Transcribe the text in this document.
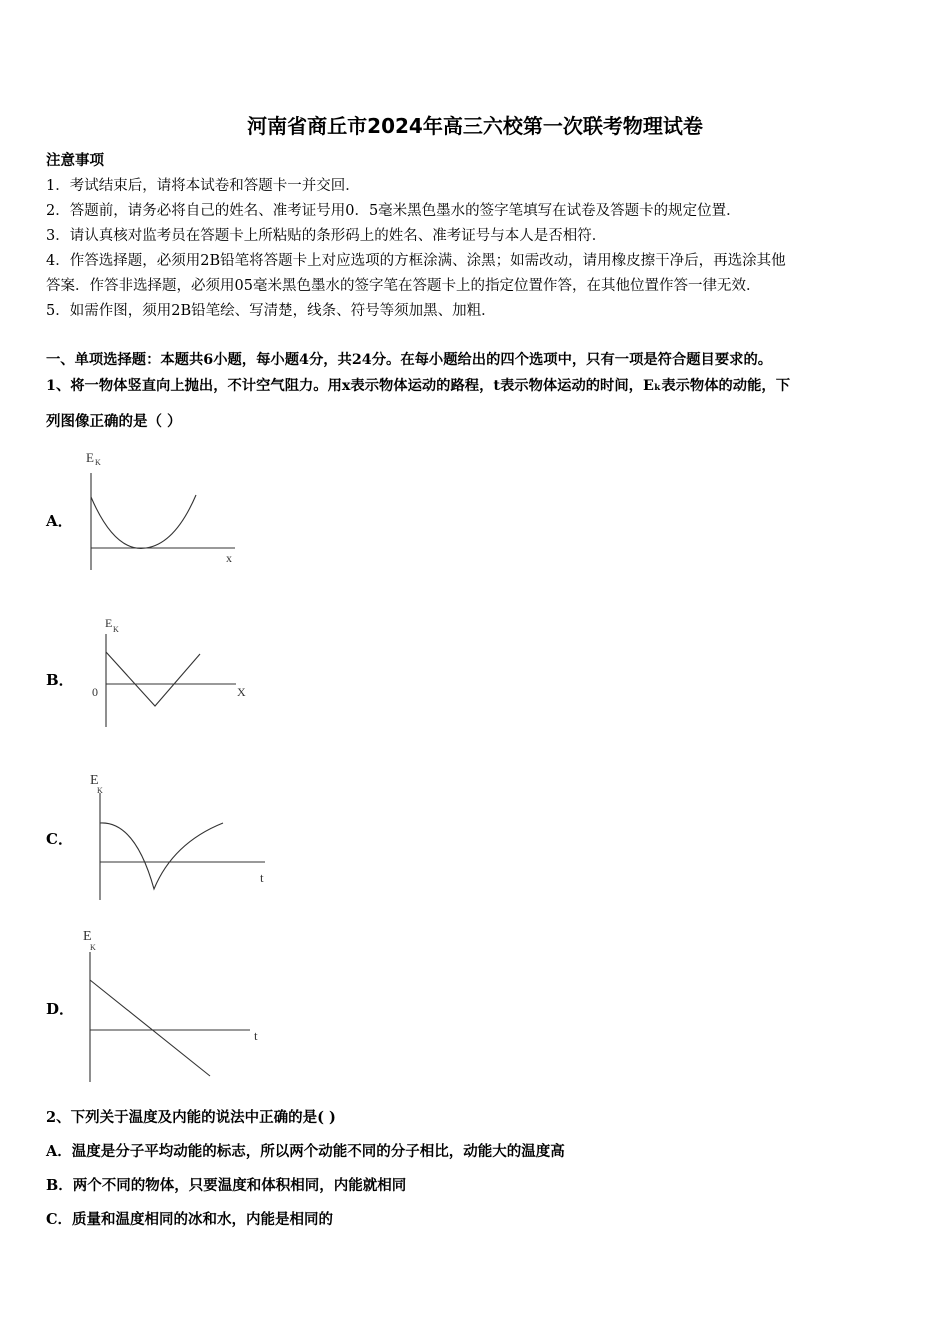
河南省商丘市2024年高三六校第一次联考物理试卷
注意事项
1．考试结束后，请将本试卷和答题卡一并交回．
2．答题前，请务必将自己的姓名、准考证号用0．5毫米黑色墨水的签字笔填写在试卷及答题卡的规定位置．
3．请认真核对监考员在答题卡上所粘贴的条形码上的姓名、准考证号与本人是否相符．
4．作答选择题，必须用2B铅笔将答题卡上对应选项的方框涂满、涂黑；如需改动，请用橡皮擦干净后，再选涂其他
答案．作答非选择题，必须用05毫米黑色墨水的签字笔在答题卡上的指定位置作答，在其他位置作答一律无效．
5．如需作图，须用2B铅笔绘、写清楚，线条、符号等须加黑、加粗．
一、单项选择题：本题共6小题，每小题4分，共24分。在每小题给出的四个选项中，只有一项是符合题目要求的。
1、将一物体竖直向上抛出，不计空气阻力。用x表示物体运动的路程，t表示物体运动的时间，Eₖ表示物体的动能，下
列图像正确的是（ ）
A．
E K
x
B．
E K
0	X
C．
E
K
t
D．
E
K
t
2、下列关于温度及内能的说法中正确的是( )
A．温度是分子平均动能的标志，所以两个动能不同的分子相比，动能大的温度高
B．两个不同的物体，只要温度和体积相同，内能就相同
C．质量和温度相同的冰和水，内能是相同的
